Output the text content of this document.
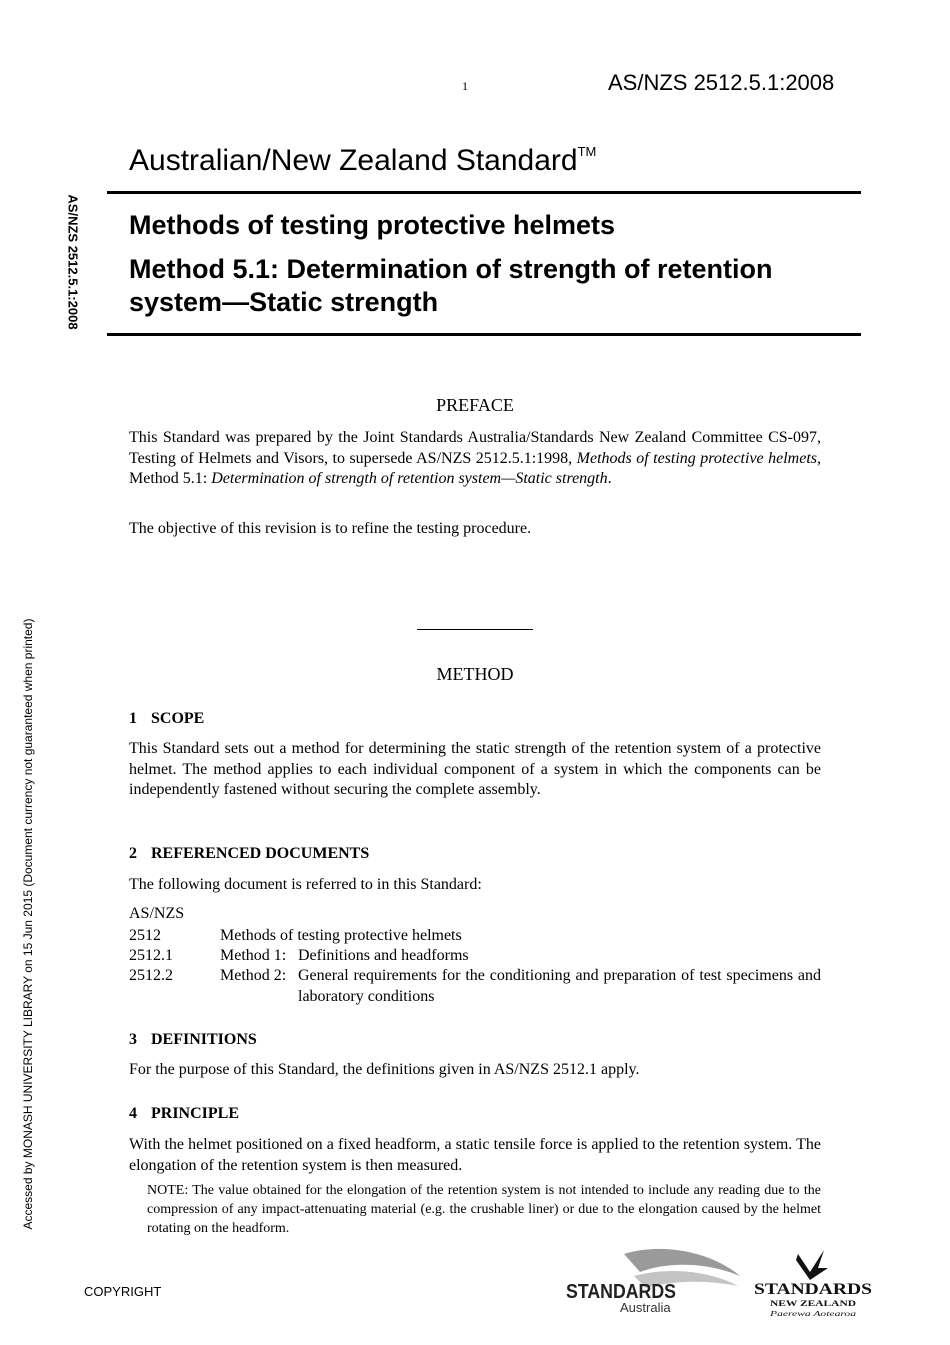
1	AS/NZS 2512.5.1:2008
AS/NZS 2512.5.1:2008
Accessed by MONASH UNIVERSITY LIBRARY on 15 Jun 2015 (Document currency not guaranteed when printed)
Australian/New Zealand Standard™
Methods of testing protective helmets
Method 5.1: Determination of strength of retention system—Static strength
PREFACE
This Standard was prepared by the Joint Standards Australia/Standards New Zealand Committee CS-097, Testing of Helmets and Visors, to supersede AS/NZS 2512.5.1:1998, Methods of testing protective helmets, Method 5.1: Determination of strength of retention system—Static strength.
The objective of this revision is to refine the testing procedure.
METHOD
1 SCOPE
This Standard sets out a method for determining the static strength of the retention system of a protective helmet. The method applies to each individual component of a system in which the components can be independently fastened without securing the complete assembly.
2 REFERENCED DOCUMENTS
The following document is referred to in this Standard:
AS/NZS
2512	Methods of testing protective helmets
2512.1	Method 1: Definitions and headforms
2512.2	Method 2: General requirements for the conditioning and preparation of test specimens and laboratory conditions
3 DEFINITIONS
For the purpose of this Standard, the definitions given in AS/NZS 2512.1 apply.
4 PRINCIPLE
With the helmet positioned on a fixed headform, a static tensile force is applied to the retention system. The elongation of the retention system is then measured.
NOTE: The value obtained for the elongation of the retention system is not intended to include any reading due to the compression of any impact-attenuating material (e.g. the crushable liner) or due to the elongation caused by the helmet rotating on the headform.
COPYRIGHT	STANDARDS
Australia
STANDARDS
NEW ZEALAND
Paerewa Aotearoa
